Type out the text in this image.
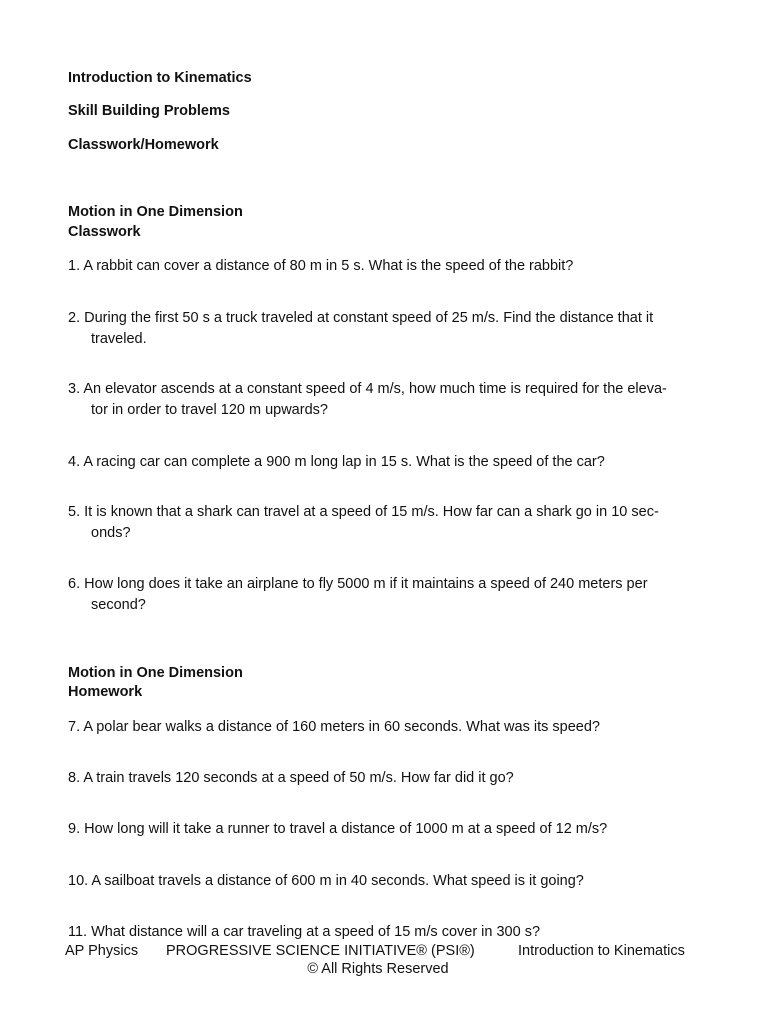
Introduction to Kinematics
Skill Building Problems
Classwork/Homework
Motion in One Dimension
Classwork
1. A rabbit can cover a distance of 80 m in 5 s. What is the speed of the rabbit?
2. During the first 50 s a truck traveled at constant speed of 25 m/s. Find the distance that it
traveled.
3. An elevator ascends at a constant speed of 4 m/s, how much time is required for the eleva-
tor in order to travel 120 m upwards?
4. A racing car can complete a 900 m long lap in 15 s. What is the speed of the car?
5. It is known that a shark can travel at a speed of 15 m/s. How far can a shark go in 10 sec-
onds?
6. How long does it take an airplane to fly 5000 m if it maintains a speed of 240 meters per
second?
Motion in One Dimension
Homework
7. A polar bear walks a distance of 160 meters in 60 seconds. What was its speed?
8. A train travels 120 seconds at a speed of 50 m/s. How far did it go?
9. How long will it take a runner to travel a distance of 1000 m at a speed of 12 m/s?
10. A sailboat travels a distance of 600 m in 40 seconds. What speed is it going?
11. What distance will a car traveling at a speed of 15 m/s cover in 300 s?
AP Physics PROGRESSIVE SCIENCE INITIATIVE® (PSI®)	Introduction to Kinematics
© All Rights Reserved
